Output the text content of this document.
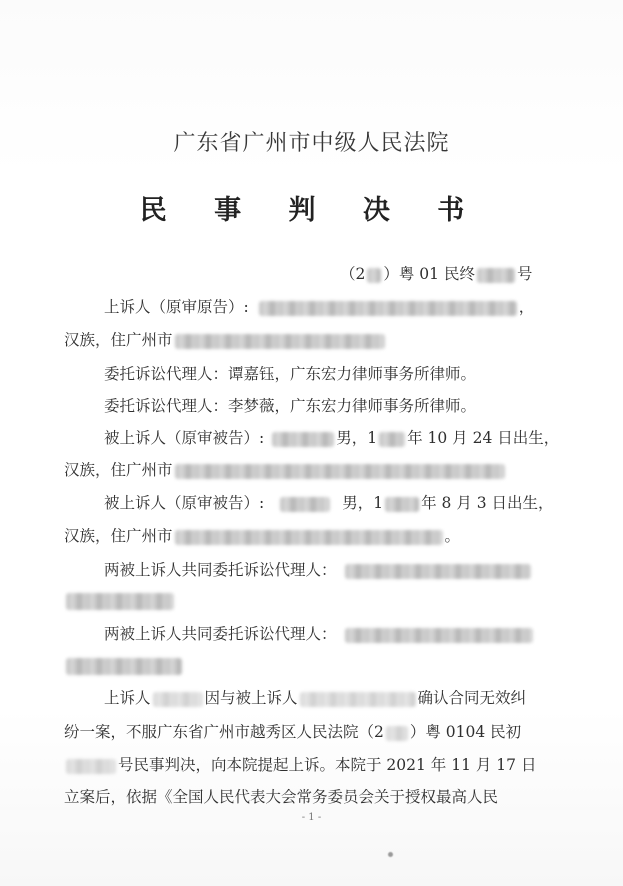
广东省广州市中级人民法院
民 事 判 决 书
（2 ）粤 01 民终	号
上诉人（原审原告）:	，
汉族，住广州市
委托诉讼代理人：谭嘉钰，广东宏力律师事务所律师。
委托诉讼代理人：李梦薇，广东宏力律师事务所律师。
被上诉人（原审被告）:	男，1 年 10 月 24 日出生，
汉族，住广州市
被上诉人（原审被告）:	男，1 年 8 月 3 日出生，
汉族，住广州市	。
两被上诉人共同委托诉讼代理人：
两被上诉人共同委托诉讼代理人：
上诉人	因与被上诉人	确认合同无效纠
纷一案，不服广东省广州市越秀区人民法院（2 ）粤 0104 民初
号民事判决，向本院提起上诉。本院于 2021 年 11 月 17 日
立案后，依据《全国人民代表大会常务委员会关于授权最高人民
- 1 -
